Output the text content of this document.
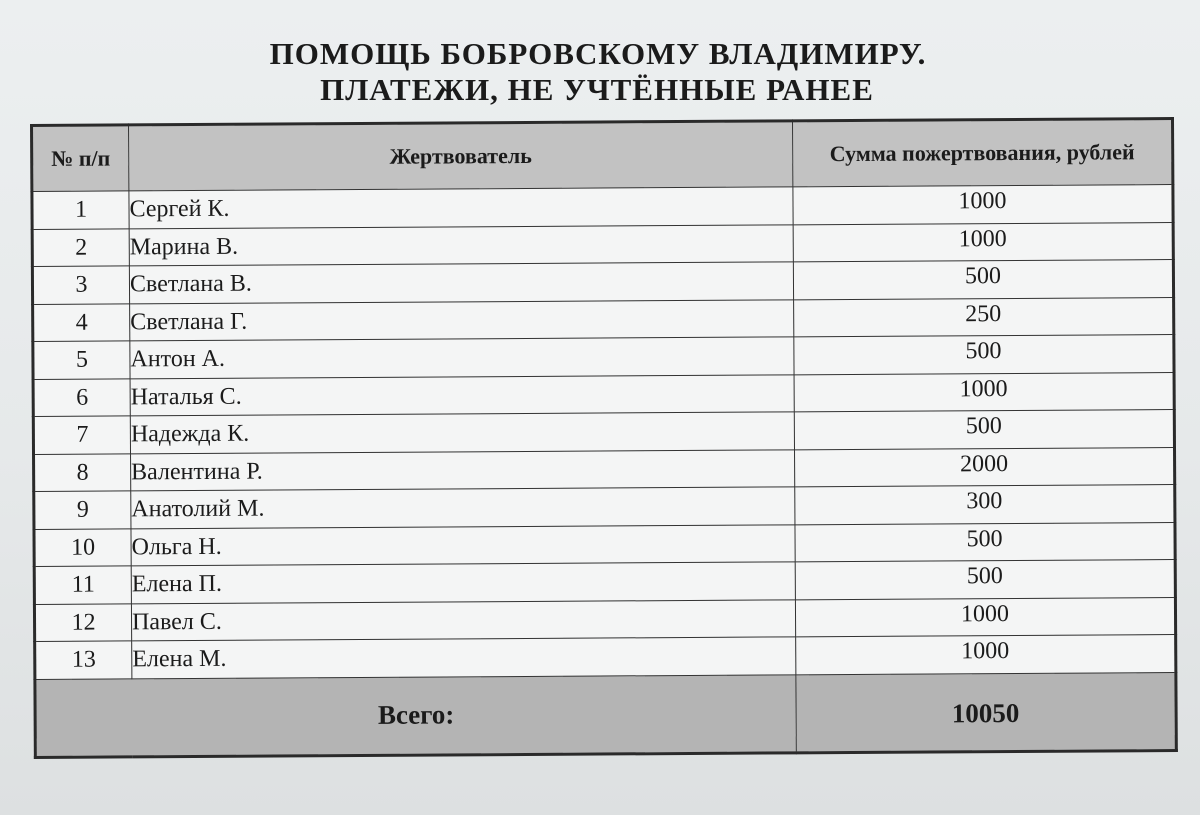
ПОМОЩЬ БОБРОВСКОМУ ВЛАДИМИРУ.
ПЛАТЕЖИ, НЕ УЧТЁННЫЕ РАНЕЕ
№ п/п	Жертвователь	Сумма пожертвования, рублей
1	Сергей К.	1000
2	Марина В.	1000
3	Светлана В.	500
4	Светлана Г.	250
5	Антон А.	500
6	Наталья С.	1000
7	Надежда К.	500
8	Валентина Р.	2000
9	Анатолий М.	300
10	Ольга Н.	500
11	Елена П.	500
12	Павел С.	1000
13	Елена М.	1000
Всего:		10050
